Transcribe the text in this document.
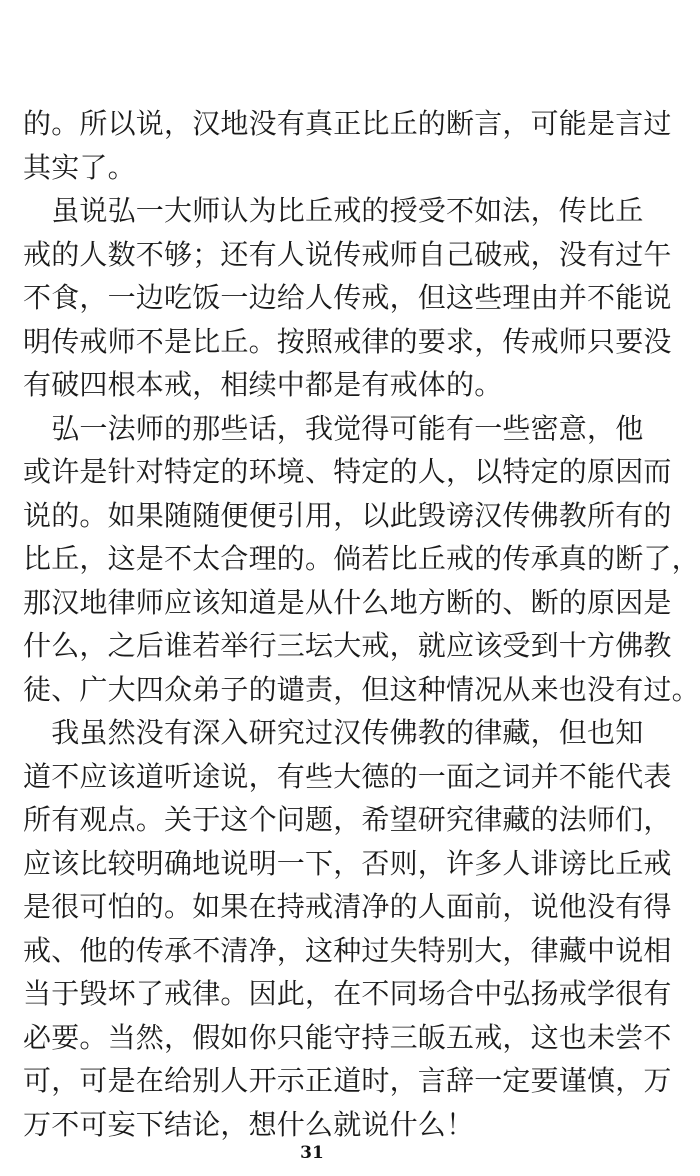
的。所以说，汉地没有真正比丘的断言，可能是言过
其实了。
　虽说弘一大师认为比丘戒的授受不如法，传比丘
戒的人数不够；还有人说传戒师自己破戒，没有过午
不食，一边吃饭一边给人传戒，但这些理由并不能说
明传戒师不是比丘。按照戒律的要求，传戒师只要没
有破四根本戒，相续中都是有戒体的。
　弘一法师的那些话，我觉得可能有一些密意，他
或许是针对特定的环境、特定的人，以特定的原因而
说的。如果随随便便引用，以此毁谤汉传佛教所有的
比丘，这是不太合理的。倘若比丘戒的传承真的断了，
那汉地律师应该知道是从什么地方断的、断的原因是
什么，之后谁若举行三坛大戒，就应该受到十方佛教
徒、广大四众弟子的谴责，但这种情况从来也没有过。
　我虽然没有深入研究过汉传佛教的律藏，但也知
道不应该道听途说，有些大德的一面之词并不能代表
所有观点。关于这个问题，希望研究律藏的法师们，
应该比较明确地说明一下，否则，许多人诽谤比丘戒
是很可怕的。如果在持戒清净的人面前，说他没有得
戒、他的传承不清净，这种过失特别大，律藏中说相
当于毁坏了戒律。因此，在不同场合中弘扬戒学很有
必要。当然，假如你只能守持三皈五戒，这也未尝不
可，可是在给别人开示正道时，言辞一定要谨慎，万
万不可妄下结论，想什么就说什么！
31
